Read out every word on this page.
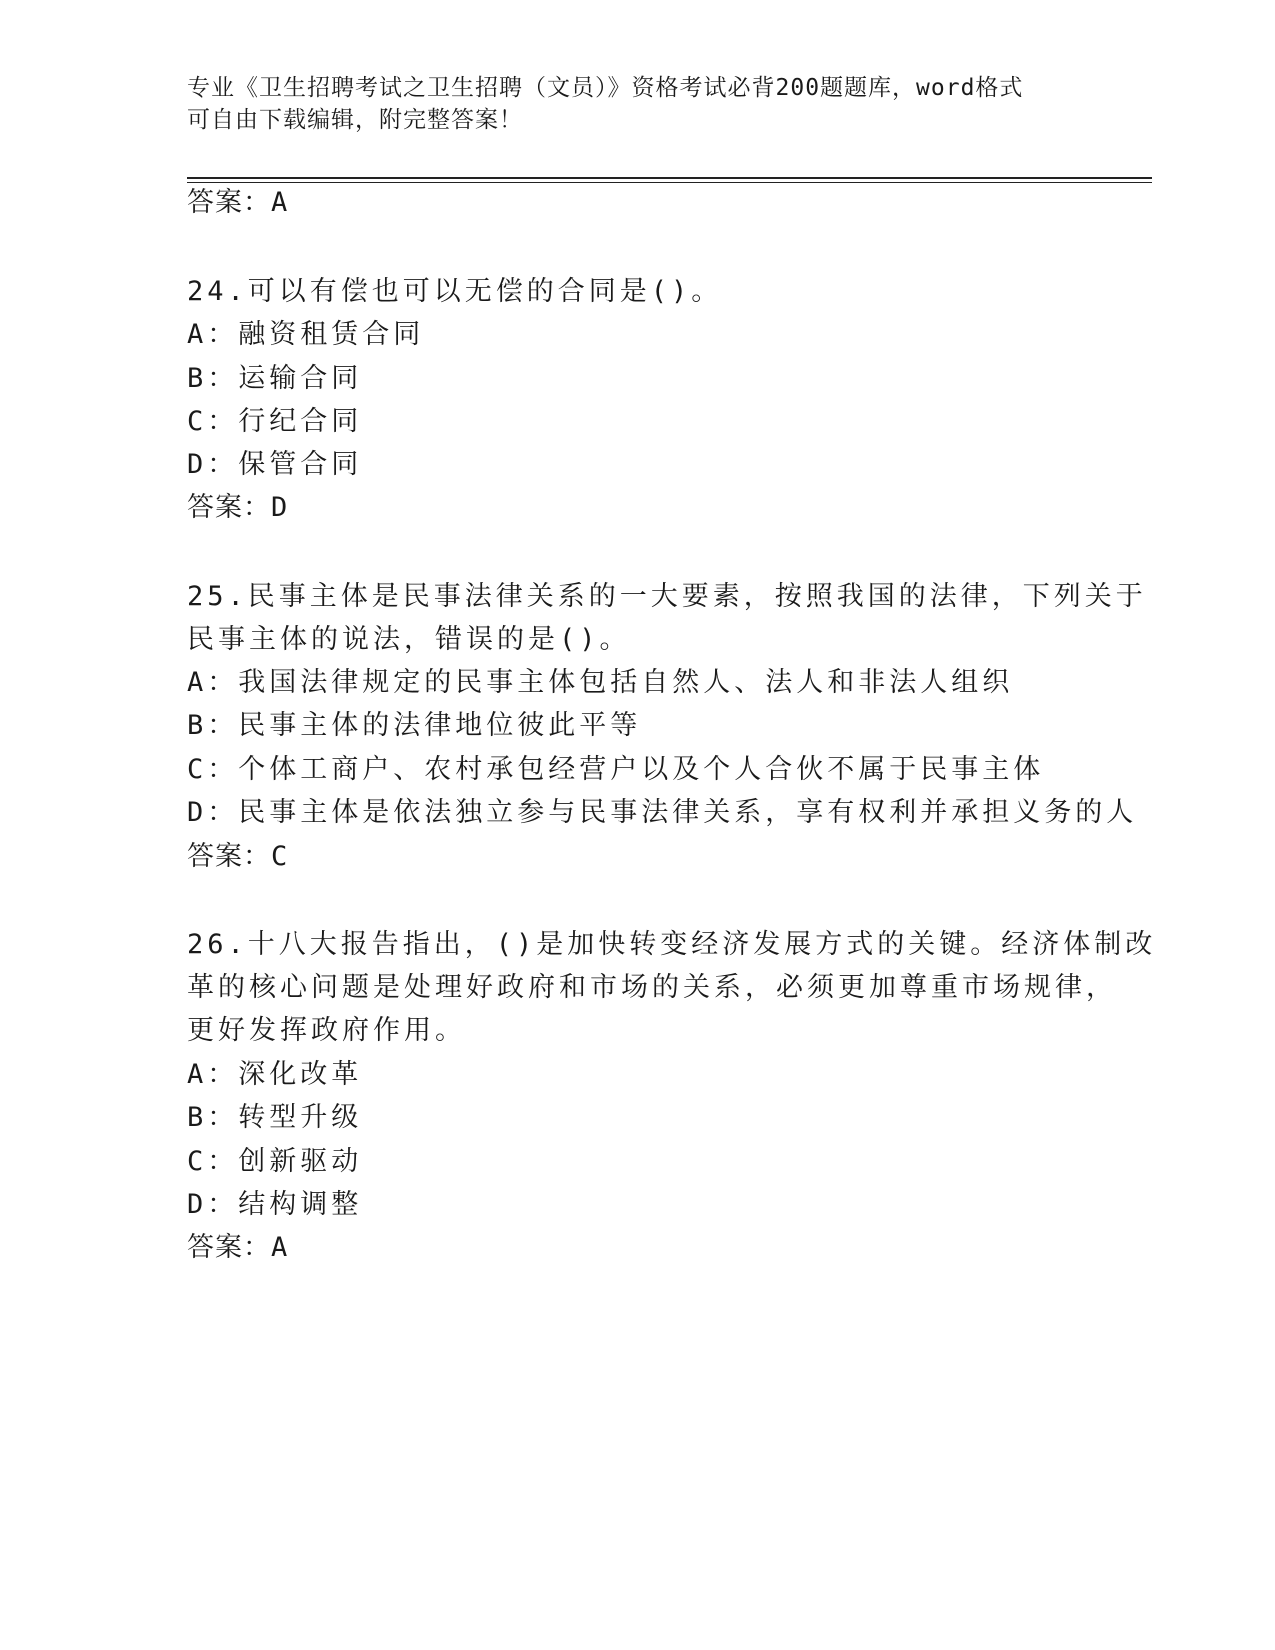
专业《卫生招聘考试之卫生招聘（文员）》资格考试必背200题题库，word格式
可自由下载编辑，附完整答案！
答案：A
24.可以有偿也可以无偿的合同是()。
A：融资租赁合同
B：运输合同
C：行纪合同
D：保管合同
答案：D
25.民事主体是民事法律关系的一大要素，按照我国的法律，下列关于
民事主体的说法，错误的是()。
A：我国法律规定的民事主体包括自然人、法人和非法人组织
B：民事主体的法律地位彼此平等
C：个体工商户、农村承包经营户以及个人合伙不属于民事主体
D：民事主体是依法独立参与民事法律关系，享有权利并承担义务的人
答案：C
26.十八大报告指出，()是加快转变经济发展方式的关键。经济体制改
革的核心问题是处理好政府和市场的关系，必须更加尊重市场规律，
更好发挥政府作用。
A：深化改革
B：转型升级
C：创新驱动
D：结构调整
答案：A
